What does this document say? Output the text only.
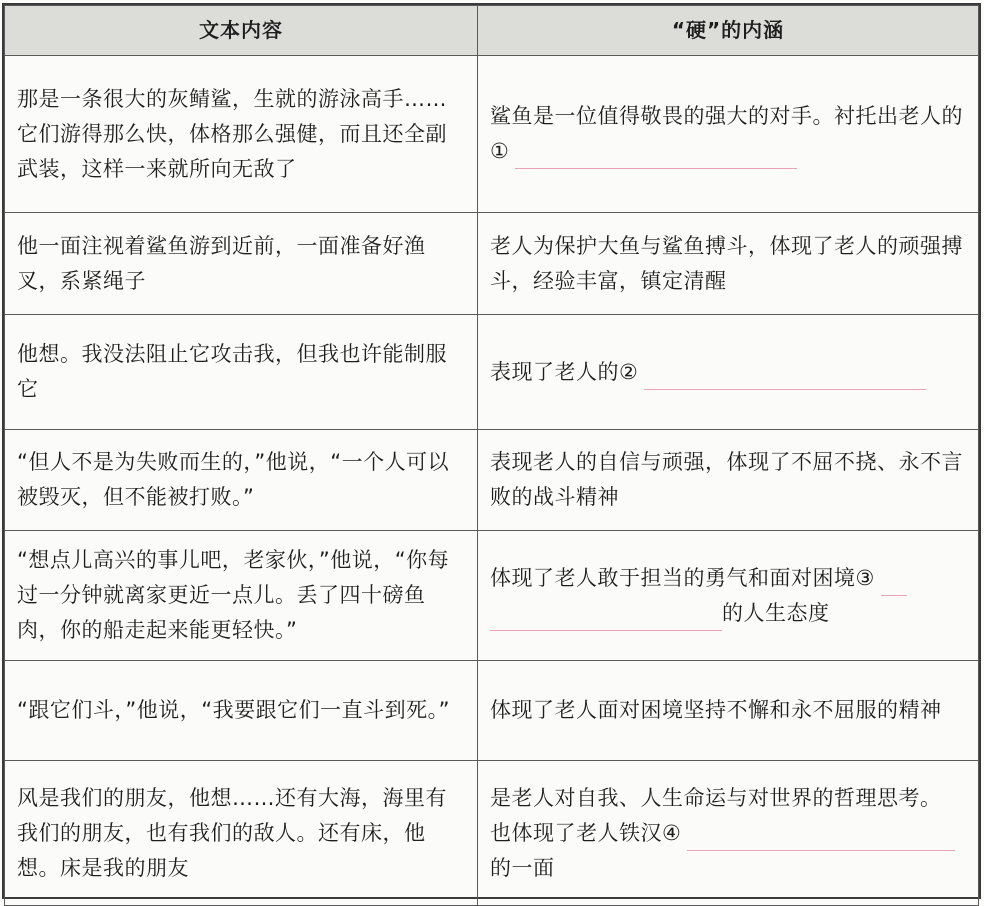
文本内容	“硬”的内涵
那是一条很大的灰鲭鲨，生就的游泳高手……它们游得那么快，体格那么强健，而且还全副武装，这样一来就所向无敌了	鲨鱼是一位值得敬畏的强大的对手。衬托出老人的①
他一面注视着鲨鱼游到近前，一面准备好渔叉，系紧绳子	老人为保护大鱼与鲨鱼搏斗，体现了老人的顽强搏斗，经验丰富，镇定清醒
他想。我没法阻止它攻击我，但我也许能制服它	表现了老人的②
“但人不是为失败而生的，”他说，“一个人可以被毁灭，但不能被打败。”	表现老人的自信与顽强，体现了不屈不挠、永不言败的战斗精神
“想点儿高兴的事儿吧，老家伙，”他说，“你每过一分钟就离家更近一点儿。丢了四十磅鱼肉，你的船走起来能更轻快。”	体现了老人敢于担当的勇气和面对困境③
的人生态度
“跟它们斗，”他说，“我要跟它们一直斗到死。”	体现了老人面对困境坚持不懈和永不屈服的精神
风是我们的朋友，他想……还有大海，海里有我们的朋友，也有我们的敌人。还有床，他想。床是我的朋友	是老人对自我、人生命运与对世界的哲理思考。
也体现了老人铁汉④
的一面
